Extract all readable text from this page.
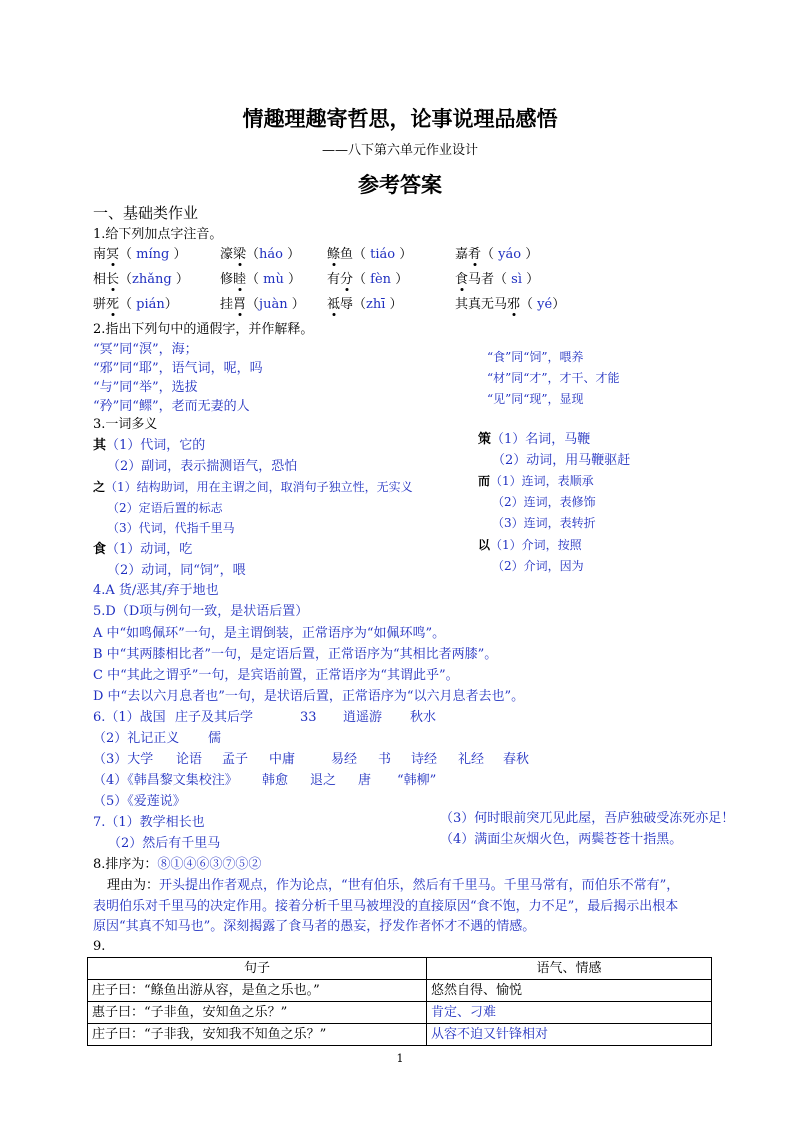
情趣理趣寄哲思，论事说理品感悟
——八下第六单元作业设计
参考答案
一、基础类作业
1.给下列加点字注音。
南冥（ míng ）	濠梁（háo ） 鲦鱼（ tiáo ）	嘉肴（ yáo ）
相长（zhǎng ） 修睦（ mù ） 有分（ fèn ）	食马者（ sì ）
骈死（ pián）	挂罥（juàn ） 祗辱（zhī ）	其真无马邪（ yé）
2.指出下列句中的通假字，并作解释。
“冥”同“溟”，海；
“邪”同“耶”，语气词，呢，吗
“与”同“举”，选拔
“矜”同“鳏”，老而无妻的人
“食”同“饲”，喂养
“材”同“才”，才干、才能
“见”同“现”，显现
3.一词多义
其（1）代词，它的
（2）副词，表示揣测语气，恐怕
之（1）结构助词，用在主谓之间，取消句子独立性，无实义
（2）定语后置的标志
（3）代词，代指千里马
食（1）动词，吃
（2）动词，同“饲”，喂
策（1）名词，马鞭
（2）动词，用马鞭驱赶
而（1）连词，表顺承
（2）连词，表修饰
（3）连词，表转折
以（1）介词，按照
（2）介词，因为
4.A 货/恶其/弃于地也
5.D（D项与例句一致，是状语后置）
A 中“如鸣佩环”一句，是主谓倒装，正常语序为“如佩环鸣”。
B 中“其两膝相比者”一句，是定语后置，正常语序为“其相比者两膝”。
C 中“其此之谓乎”一句，是宾语前置，正常语序为“其谓此乎”。
D 中“去以六月息者也”一句，是状语后置，正常语序为“以六月息者去也”。
6.（1）战国 庄子及其后学	33 逍遥游 秋水
（2）礼记正义 儒
（3）大学 论语 孟子 中庸	易经 书 诗经 礼经 春秋
（4）《韩昌黎文集校注》 韩愈 退之 唐 “韩柳”
（5）《爱莲说》
7.（1）教学相长也
（2）然后有千里马
（3）何时眼前突兀见此屋，吾庐独破受冻死亦足！
（4）满面尘灰烟火色，两鬓苍苍十指黑。
8.排序为：⑧①④⑥③⑦⑤②
理由为：开头提出作者观点，作为论点，“世有伯乐，然后有千里马。千里马常有，而伯乐不常有”，
表明伯乐对千里马的决定作用。接着分析千里马被埋没的直接原因“食不饱，力不足”，最后揭示出根本
原因“其真不知马也”。深刻揭露了食马者的愚妄，抒发作者怀才不遇的情感。
9.
句子	语气、情感
庄子曰：“鲦鱼出游从容，是鱼之乐也。”	悠然自得、愉悦
惠子曰：“子非鱼，安知鱼之乐？”	肯定、刁难
庄子曰：“子非我，安知我不知鱼之乐？”	从容不迫又针锋相对
1
